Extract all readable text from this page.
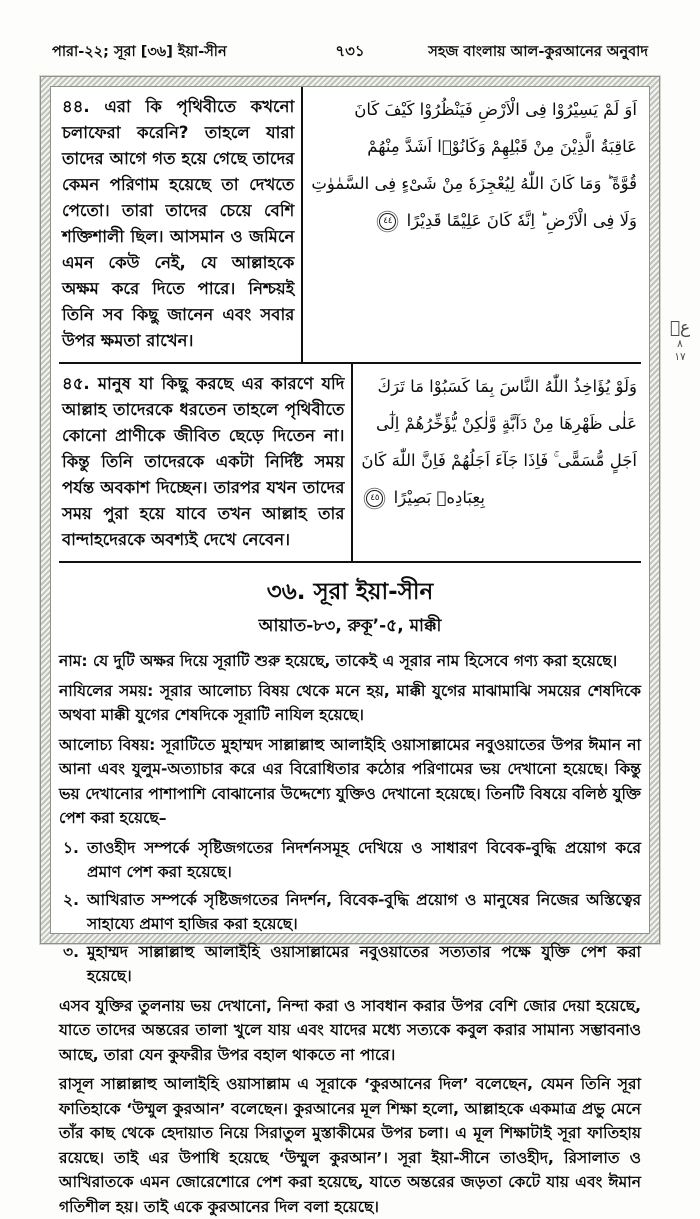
পারা-২২; সূরা [৩৬] ইয়া-সীন	৭৩১	সহজ বাংলায় আল-কুরআনের অনুবাদ
৪৪. এরা কি পৃথিবীতে কখনো চলাফেরা করেনি? তাহলে যারা তাদের আগে গত হয়ে গেছে তাদের কেমন পরিণাম হয়েছে তা দেখতে পেতো। তারা তাদের চেয়ে বেশি শক্তিশালী ছিল। আসমান ও জমিনে এমন কেউ নেই, যে আল্লাহকে অক্ষম করে দিতে পারে। নিশ্চয়ই তিনি সব কিছু জানেন এবং সবার উপর ক্ষমতা রাখেন।
اَوَ لَمْ يَسِيْرُوْا فِى الْاَرْضِ فَيَنْظُرُوْا كَيْفَ كَانَ
عَاقِبَةُ الَّذِيْنَ مِنْ قَبْلِهِمْ وَكَانُوْۤا اَشَدَّ مِنْهُمْ
قُوَّةً ؕ وَمَا كَانَ اللّٰهُ لِيُعْجِزَهٗ مِنْ شَىْءٍ فِى السَّمٰوٰتِ
وَلَا فِى الْاَرْضِ ؕ اِنَّهٗ كَانَ عَلِيْمًا قَدِيْرًا ٤٤
৪৫. মানুষ যা কিছু করছে এর কারণে যদি আল্লাহ তাদেরকে ধরতেন তাহলে পৃথিবীতে কোনো প্রাণীকে জীবিত ছেড়ে দিতেন না। কিন্তু তিনি তাদেরকে একটা নির্দিষ্ট সময় পর্যন্ত অবকাশ দিচ্ছেন। তারপর যখন তাদের সময় পুরা হয়ে যাবে তখন আল্লাহ তার বান্দাহদেরকে অবশ্যই দেখে নেবেন।
وَلَوْ يُؤَاخِذُ اللّٰهُ النَّاسَ بِمَا كَسَبُوْا مَا تَرَكَ
عَلٰى ظَهْرِهَا مِنْ دَآبَّةٍ وَّلٰكِنْ يُّؤَخِّرُهُمْ اِلٰٓى
اَجَلٍ مُّسَمًّى ۚ فَاِذَا جَآءَ اَجَلُهُمْ فَاِنَّ اللّٰهَ كَانَ
بِعِبَادِهٖ بَصِيْرًا ٤٥
৩৬. সূরা ইয়া-সীন
আয়াত-৮৩, রুকূ’-৫, মাক্কী

নাম: যে দুটি অক্ষর দিয়ে সূরাটি শুরু হয়েছে, তাকেই এ সূরার নাম হিসেবে গণ্য করা হয়েছে।

নাযিলের সময়: সূরার আলোচ্য বিষয় থেকে মনে হয়, মাক্কী যুগের মাঝামাঝি সময়ের শেষদিকে অথবা মাক্কী যুগের শেষদিকে সূরাটি নাযিল হয়েছে।

আলোচ্য বিষয়: সূরাটিতে মুহাম্মদ সাল্লাল্লাহু আলাইহি ওয়াসাল্লামের নবুওয়াতের উপর ঈমান না আনা এবং যুলুম-অত্যাচার করে এর বিরোধিতার কঠোর পরিণামের ভয় দেখানো হয়েছে। কিন্তু ভয় দেখানোর পাশাপাশি বোঝানোর উদ্দেশ্যে যুক্তিও দেখানো হয়েছে। তিনটি বিষয়ে বলিষ্ঠ যুক্তি পেশ করা হয়েছে–

১. তাওহীদ সম্পর্কে সৃষ্টিজগতের নিদর্শনসমূহ দেখিয়ে ও সাধারণ বিবেক-বুদ্ধি প্রয়োগ করে প্রমাণ পেশ করা হয়েছে।
২. আখিরাত সম্পর্কে সৃষ্টিজগতের নিদর্শন, বিবেক-বুদ্ধি প্রয়োগ ও মানুষের নিজের অস্তিত্বের সাহায্যে প্রমাণ হাজির করা হয়েছে।
৩. মুহাম্মদ সাল্লাল্লাহু আলাইহি ওয়াসাল্লামের নবুওয়াতের সত্যতার পক্ষে যুক্তি পেশ করা হয়েছে।

এসব যুক্তির তুলনায় ভয় দেখানো, নিন্দা করা ও সাবধান করার উপর বেশি জোর দেয়া হয়েছে, যাতে তাদের অন্তরের তালা খুলে যায় এবং যাদের মধ্যে সত্যকে কবুল করার সামান্য সম্ভাবনাও আছে, তারা যেন কুফরীর উপর বহাল থাকতে না পারে।

রাসূল সাল্লাল্লাহু আলাইহি ওয়াসাল্লাম এ সূরাকে ‘কুরআনের দিল’ বলেছেন, যেমন তিনি সূরা ফাতিহাকে ‘উম্মুল কুরআন’ বলেছেন। কুরআনের মূল শিক্ষা হলো, আল্লাহকে একমাত্র প্রভু মেনে তাঁর কাছ থেকে হেদায়াত নিয়ে সিরাতুল মুস্তাকীমের উপর চলা। এ মূল শিক্ষাটাই সূরা ফাতিহায় রয়েছে। তাই এর উপাধি হয়েছে ‘উম্মুল কুরআন’। সূরা ইয়া-সীনে তাওহীদ, রিসালাত ও আখিরাতকে এমন জোরেশোরে পেশ করা হয়েছে, যাতে অন্তরের জড়তা কেটে যায় এবং ঈমান গতিশীল হয়। তাই একে কুরআনের দিল বলা হয়েছে।

عۡ
٨
١٧
